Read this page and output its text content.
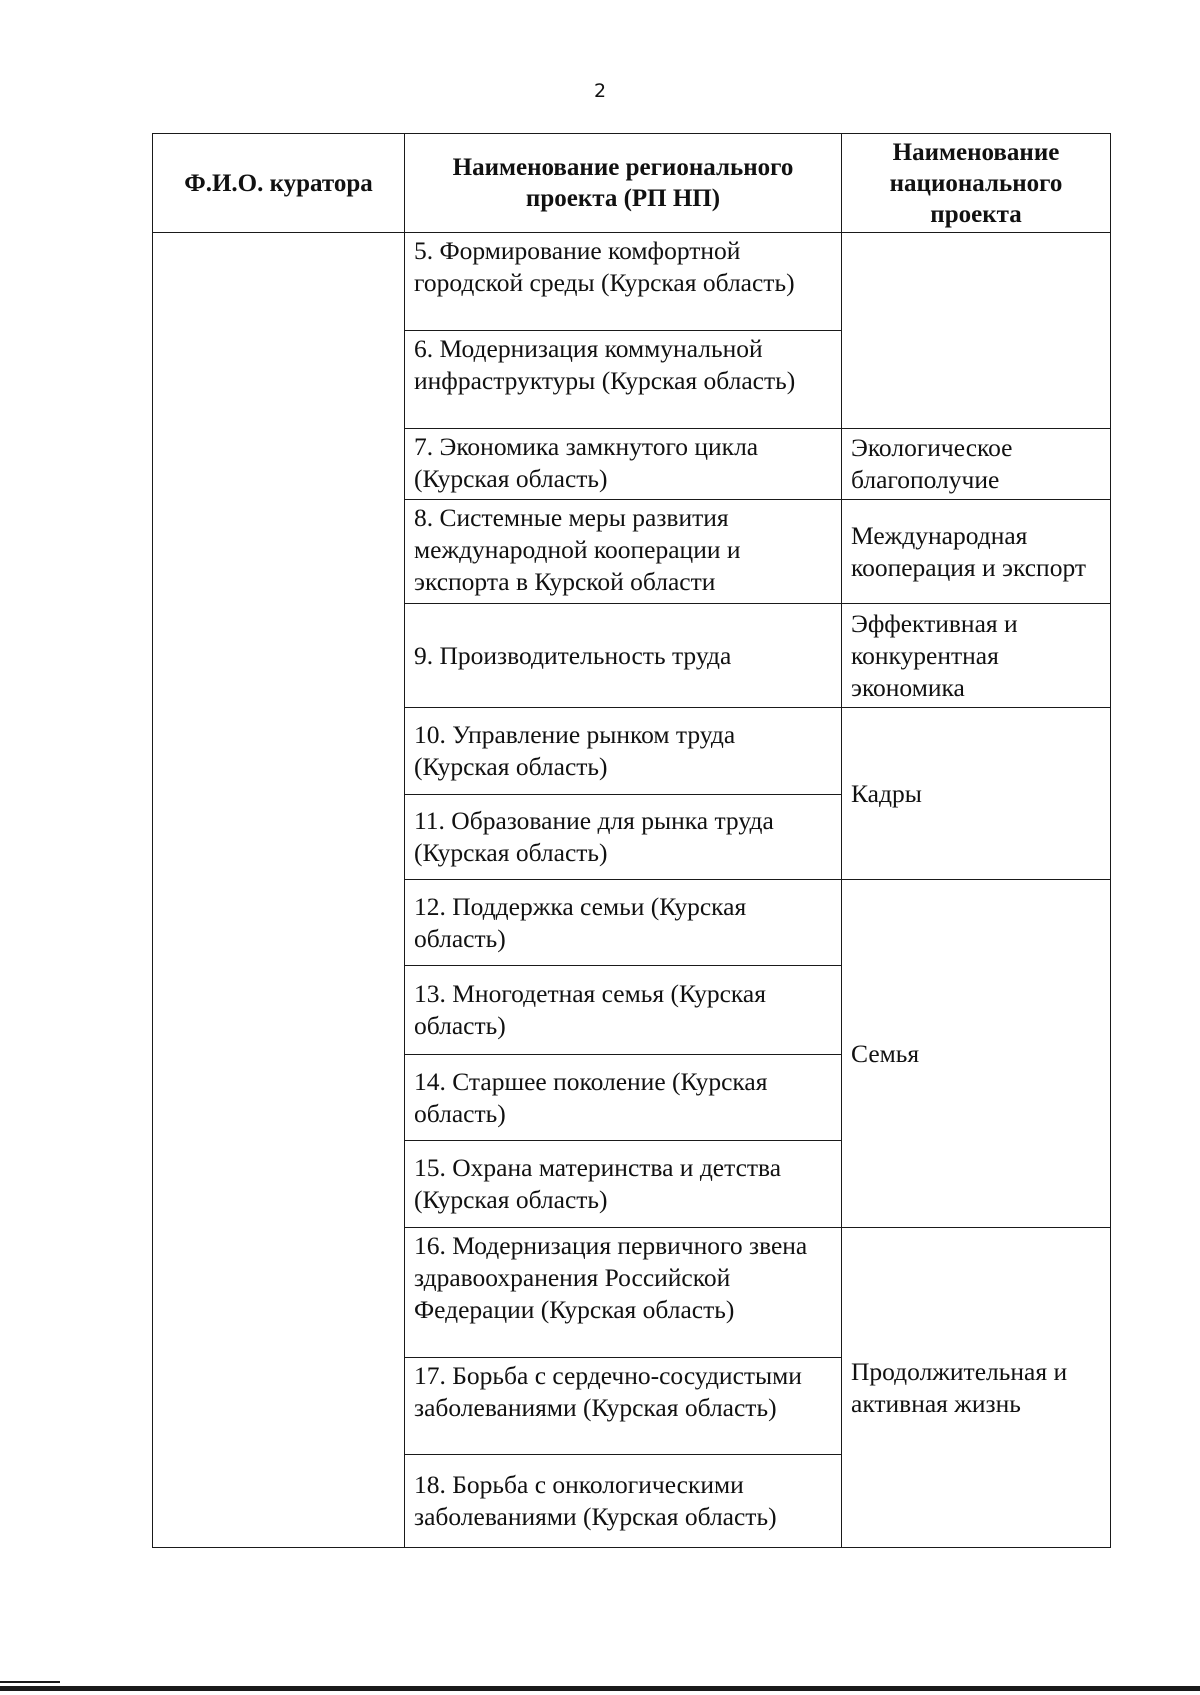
2
Ф.И.О. куратора	Наименование регионального проекта (РП НП)	Наименование национального проекта
	5. Формирование комфортной городской среды (Курская область)	
	6. Модернизация коммунальной инфраструктуры (Курская область)	
	7. Экономика замкнутого цикла (Курская область)	Экологическое благополучие
	8. Системные меры развития международной кооперации и экспорта в Курской области	Международная кооперация и экспорт
	9. Производительность труда	Эффективная и конкурентная экономика
	10. Управление рынком труда (Курская область)	Кадры
	11. Образование для рынка труда (Курская область)	
	12. Поддержка семьи (Курская область)	Семья
	13. Многодетная семья (Курская область)	
	14. Старшее поколение (Курская область)	
	15. Охрана материнства и детства (Курская область)	
	16. Модернизация первичного звена здравоохранения Российской Федерации (Курская область)	Продолжительная и активная жизнь
	17. Борьба с сердечно-сосудистыми заболеваниями (Курская область)	
	18. Борьба с онкологическими заболеваниями (Курская область)	
